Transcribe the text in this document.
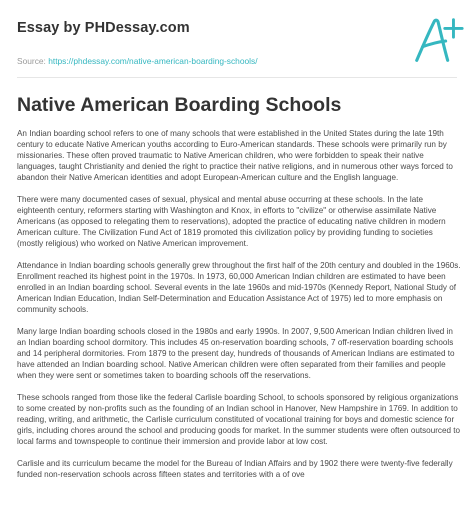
Essay by PHDessay.com
Source: https://phdessay.com/native-american-boarding-schools/
Native American Boarding Schools

An Indian boarding school refers to one of many schools that were established in the United States during the late 19th century to educate Native American youths according to Euro-American standards. These schools were primarily run by missionaries. These often proved traumatic to Native American children, who were forbidden to speak their native languages, taught Christianity and denied the right to practice their native religions, and in numerous other ways forced to abandon their Native American identities and adopt European-American culture and the English language.

There were many documented cases of sexual, physical and mental abuse occurring at these schools. In the late eighteenth century, reformers starting with Washington and Knox, in efforts to "civilize" or otherwise assimilate Native Americans (as opposed to relegating them to reservations), adopted the practice of educating native children in modern American culture. The Civilization Fund Act of 1819 promoted this civilization policy by providing funding to societies (mostly religious) who worked on Native American improvement.

Attendance in Indian boarding schools generally grew throughout the first half of the 20th century and doubled in the 1960s. Enrollment reached its highest point in the 1970s. In 1973, 60,000 American Indian children are estimated to have been enrolled in an Indian boarding school. Several events in the late 1960s and mid-1970s (Kennedy Report, National Study of American Indian Education, Indian Self-Determination and Education Assistance Act of 1975) led to more emphasis on community schools.

Many large Indian boarding schools closed in the 1980s and early 1990s. In 2007, 9,500 American Indian children lived in an Indian boarding school dormitory. This includes 45 on-reservation boarding schools, 7 off-reservation boarding schools and 14 peripheral dormitories. From 1879 to the present day, hundreds of thousands of American Indians are estimated to have attended an Indian boarding school. Native American children were often separated from their families and people when they were sent or sometimes taken to boarding schools off the reservations.

These schools ranged from those like the federal Carlisle boarding School, to schools sponsored by religious organizations to some created by non-profits such as the founding of an Indian school in Hanover, New Hampshire in 1769. In addition to reading, writing, and arithmetic, the Carlisle curriculum constituted of vocational training for boys and domestic science for girls, including chores around the school and producing goods for market. In the summer students were often outsourced to local farms and townspeople to continue their immersion and provide labor at low cost.

Carlisle and its curriculum became the model for the Bureau of Indian Affairs and by 1902 there were twenty-five federally funded non-reservation schools across fifteen states and territories with a of ove
